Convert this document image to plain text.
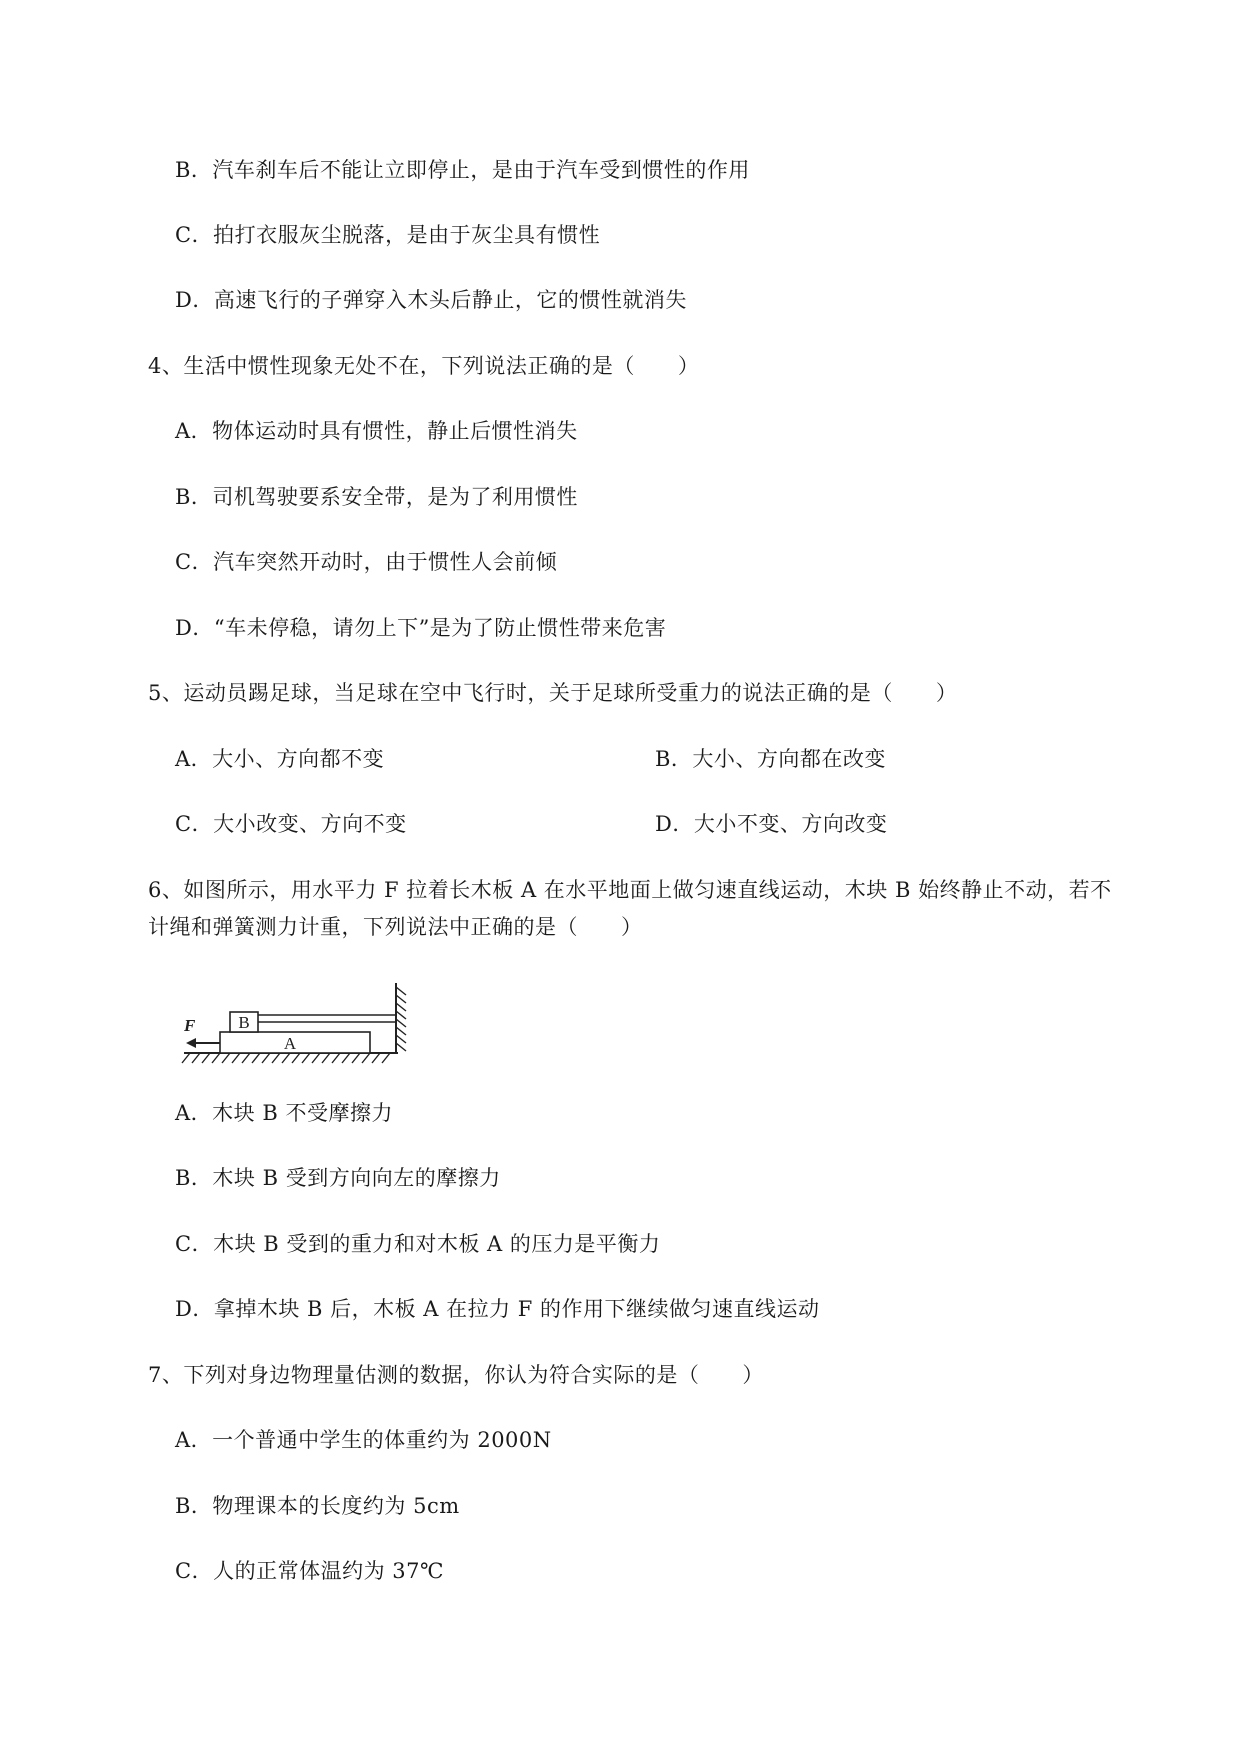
B．汽车刹车后不能让立即停止，是由于汽车受到惯性的作用
C．拍打衣服灰尘脱落，是由于灰尘具有惯性
D．高速飞行的子弹穿入木头后静止，它的惯性就消失
4、生活中惯性现象无处不在，下列说法正确的是（　　）
A．物体运动时具有惯性，静止后惯性消失
B．司机驾驶要系安全带，是为了利用惯性
C．汽车突然开动时，由于惯性人会前倾
D．“车未停稳，请勿上下”是为了防止惯性带来危害
5、运动员踢足球，当足球在空中飞行时，关于足球所受重力的说法正确的是（　　）
A．大小、方向都不变	B．大小、方向都在改变
C．大小改变、方向不变	D．大小不变、方向改变
6、如图所示，用水平力 F 拉着长木板 A 在水平地面上做匀速直线运动，木块 B 始终静止不动，若不
计绳和弹簧测力计重，下列说法中正确的是（　　）
A
B
F
A．木块 B 不受摩擦力
B．木块 B 受到方向向左的摩擦力
C．木块 B 受到的重力和对木板 A 的压力是平衡力
D．拿掉木块 B 后，木板 A 在拉力 F 的作用下继续做匀速直线运动
7、下列对身边物理量估测的数据，你认为符合实际的是（　　）
A．一个普通中学生的体重约为 2000N
B．物理课本的长度约为 5cm
C．人的正常体温约为 37℃
